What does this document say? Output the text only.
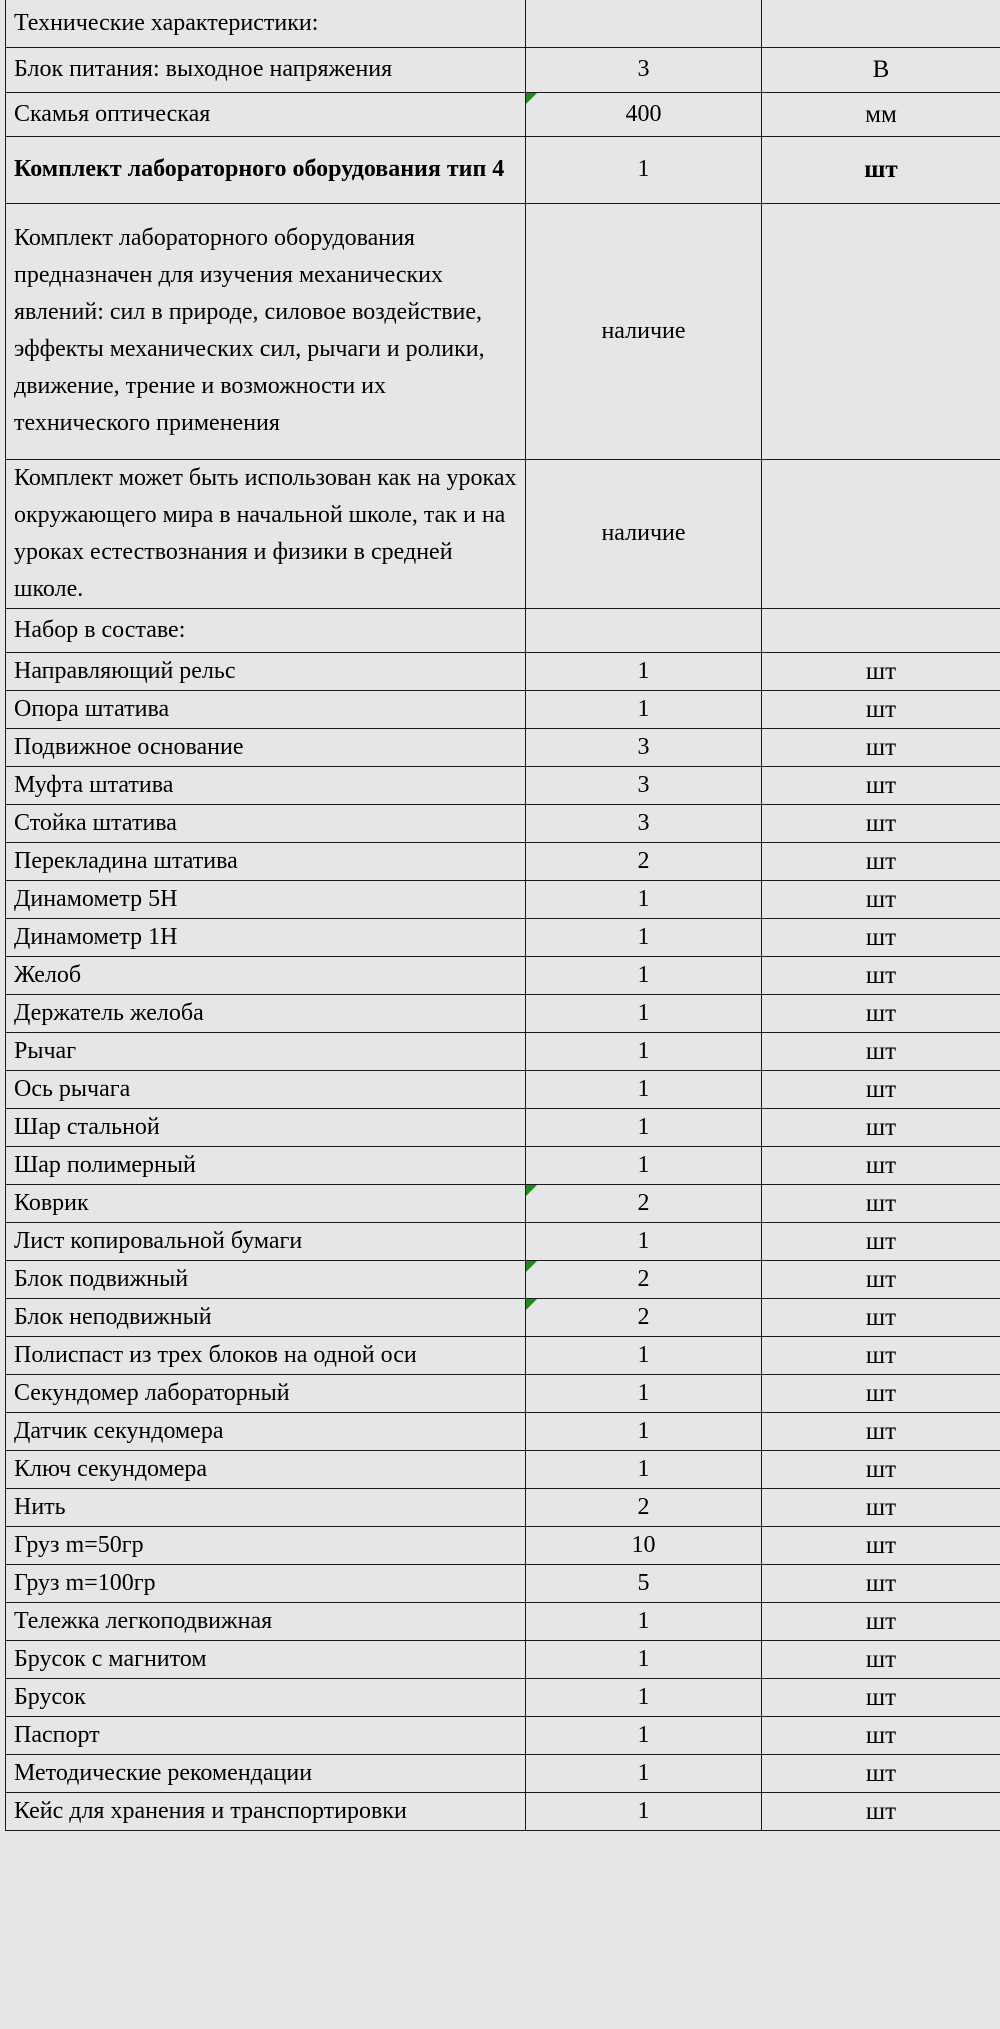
Технические характеристики:		
Блок питания: выходное напряжения	3	В
Скамья оптическая	400	мм
Комплект лабораторного оборудования тип 4	1	шт
Комплект лабораторного оборудования предназначен для изучения механических явлений: сил в природе, силовое воздействие, эффекты механических сил, рычаги и ролики, движение, трение и возможности их технического применения	наличие	
Комплект может быть использован как на уроках окружающего мира в начальной школе, так и на уроках естествознания и физики в средней школе.	наличие	
Набор в составе:		
Направляющий рельс	1	шт
Опора штатива	1	шт
Подвижное основание	3	шт
Муфта штатива	3	шт
Стойка штатива	3	шт
Перекладина штатива	2	шт
Динамометр 5Н	1	шт
Динамометр 1Н	1	шт
Желоб	1	шт
Держатель желоба	1	шт
Рычаг	1	шт
Ось рычага	1	шт
Шар стальной	1	шт
Шар полимерный	1	шт
Коврик	2	шт
Лист копировальной бумаги	1	шт
Блок подвижный	2	шт
Блок неподвижный	2	шт
Полиспаст из трех блоков на одной оси	1	шт
Секундомер лабораторный	1	шт
Датчик секундомера	1	шт
Ключ секундомера	1	шт
Нить	2	шт
Груз m=50гр	10	шт
Груз m=100гр	5	шт
Тележка легкоподвижная	1	шт
Брусок с магнитом	1	шт
Брусок	1	шт
Паспорт	1	шт
Методические рекомендации	1	шт
Кейс для хранения и транспортировки	1	шт
